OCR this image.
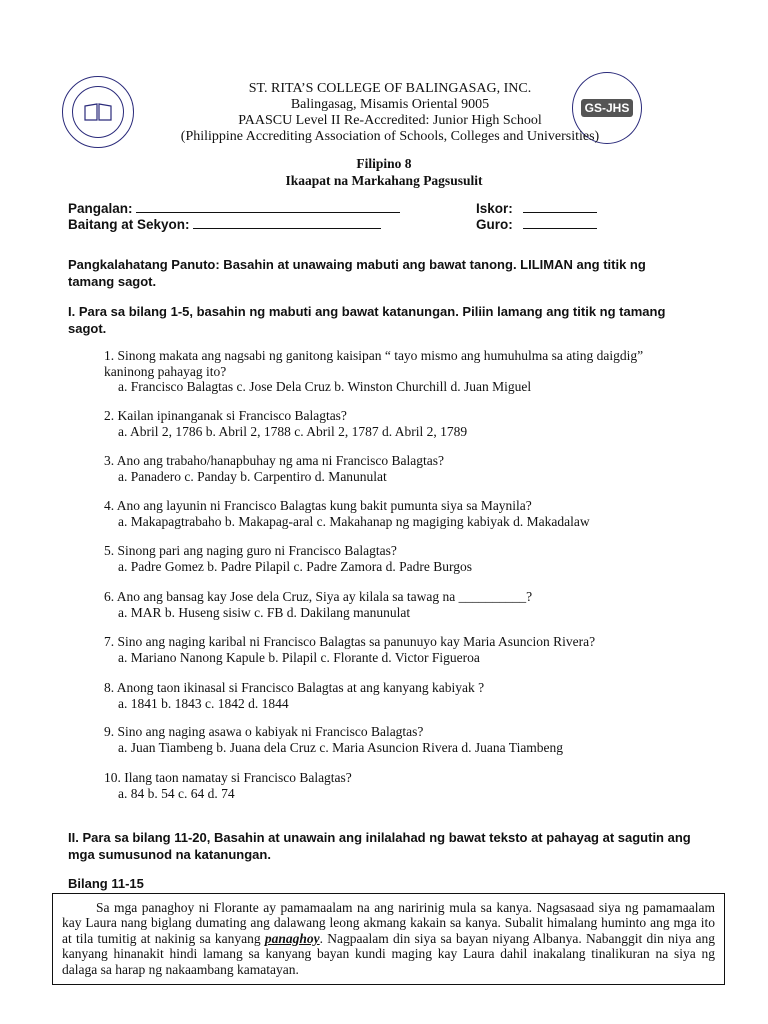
GS-JHS
ST. RITA’S COLLEGE OF BALINGASAG, INC.
Balingasag, Misamis Oriental 9005
PAASCU Level II Re-Accredited: Junior High School
(Philippine Accrediting Association of Schools, Colleges and Universities)
Filipino 8
Ikaapat na Markahang Pagsusulit
Pangalan:
Baitang at Sekyon:
Iskor:
Guro:
Pangkalahatang Panuto: Basahin at unawaing mabuti ang bawat tanong. LILIMAN ang titik ng tamang sagot.
I. Para sa bilang 1-5, basahin ng mabuti ang bawat katanungan. Piliin lamang ang titik ng tamang sagot.
1. Sinong makata ang nagsabi ng ganitong kaisipan “ tayo mismo ang humuhulma sa ating daigdig” kaninong pahayag ito?
a. Francisco Balagtas c. Jose Dela Cruz b. Winston Churchill d. Juan Miguel
2. Kailan ipinanganak si Francisco Balagtas?
a. Abril 2, 1786 b. Abril 2, 1788 c. Abril 2, 1787 d. Abril 2, 1789
3. Ano ang trabaho/hanapbuhay ng ama ni Francisco Balagtas?
a. Panadero c. Panday b. Carpentiro d. Manunulat
4. Ano ang layunin ni Francisco Balagtas kung bakit pumunta siya sa Maynila?
a. Makapagtrabaho b. Makapag-aral c. Makahanap ng magiging kabiyak d. Makadalaw
5. Sinong pari ang naging guro ni Francisco Balagtas?
a. Padre Gomez b. Padre Pilapil c. Padre Zamora d. Padre Burgos
6. Ano ang bansag kay Jose dela Cruz, Siya ay kilala sa tawag na __________?
a. MAR b. Huseng sisiw c. FB d. Dakilang manunulat
7. Sino ang naging karibal ni Francisco Balagtas sa panunuyo kay Maria Asuncion Rivera?
a. Mariano Nanong Kapule b. Pilapil c. Florante d. Victor Figueroa
8. Anong taon ikinasal si Francisco Balagtas at ang kanyang kabiyak ?
a. 1841 b. 1843 c. 1842 d. 1844
9. Sino ang naging asawa o kabiyak ni Francisco Balagtas?
a. Juan Tiambeng b. Juana dela Cruz c. Maria Asuncion Rivera d. Juana Tiambeng
10. Ilang taon namatay si Francisco Balagtas?
a. 84 b. 54 c. 64 d. 74
II. Para sa bilang 11-20, Basahin at unawain ang inilalahad ng bawat teksto at pahayag at sagutin ang mga sumusunod na katanungan.
Bilang 11-15
Sa mga panaghoy ni Florante ay pamamaalam na ang naririnig mula sa kanya. Nagsasaad siya ng pamamaalam kay Laura nang biglang dumating ang dalawang leong akmang kakain sa kanya. Subalit himalang huminto ang mga ito at tila tumitig at nakinig sa kanyang panaghoy. Nagpaalam din siya sa bayan niyang Albanya. Nabanggit din niya ang kanyang hinanakit hindi lamang sa kanyang bayan kundi maging kay Laura dahil inakalang tinalikuran na siya ng dalaga sa harap ng nakaambang kamatayan.
